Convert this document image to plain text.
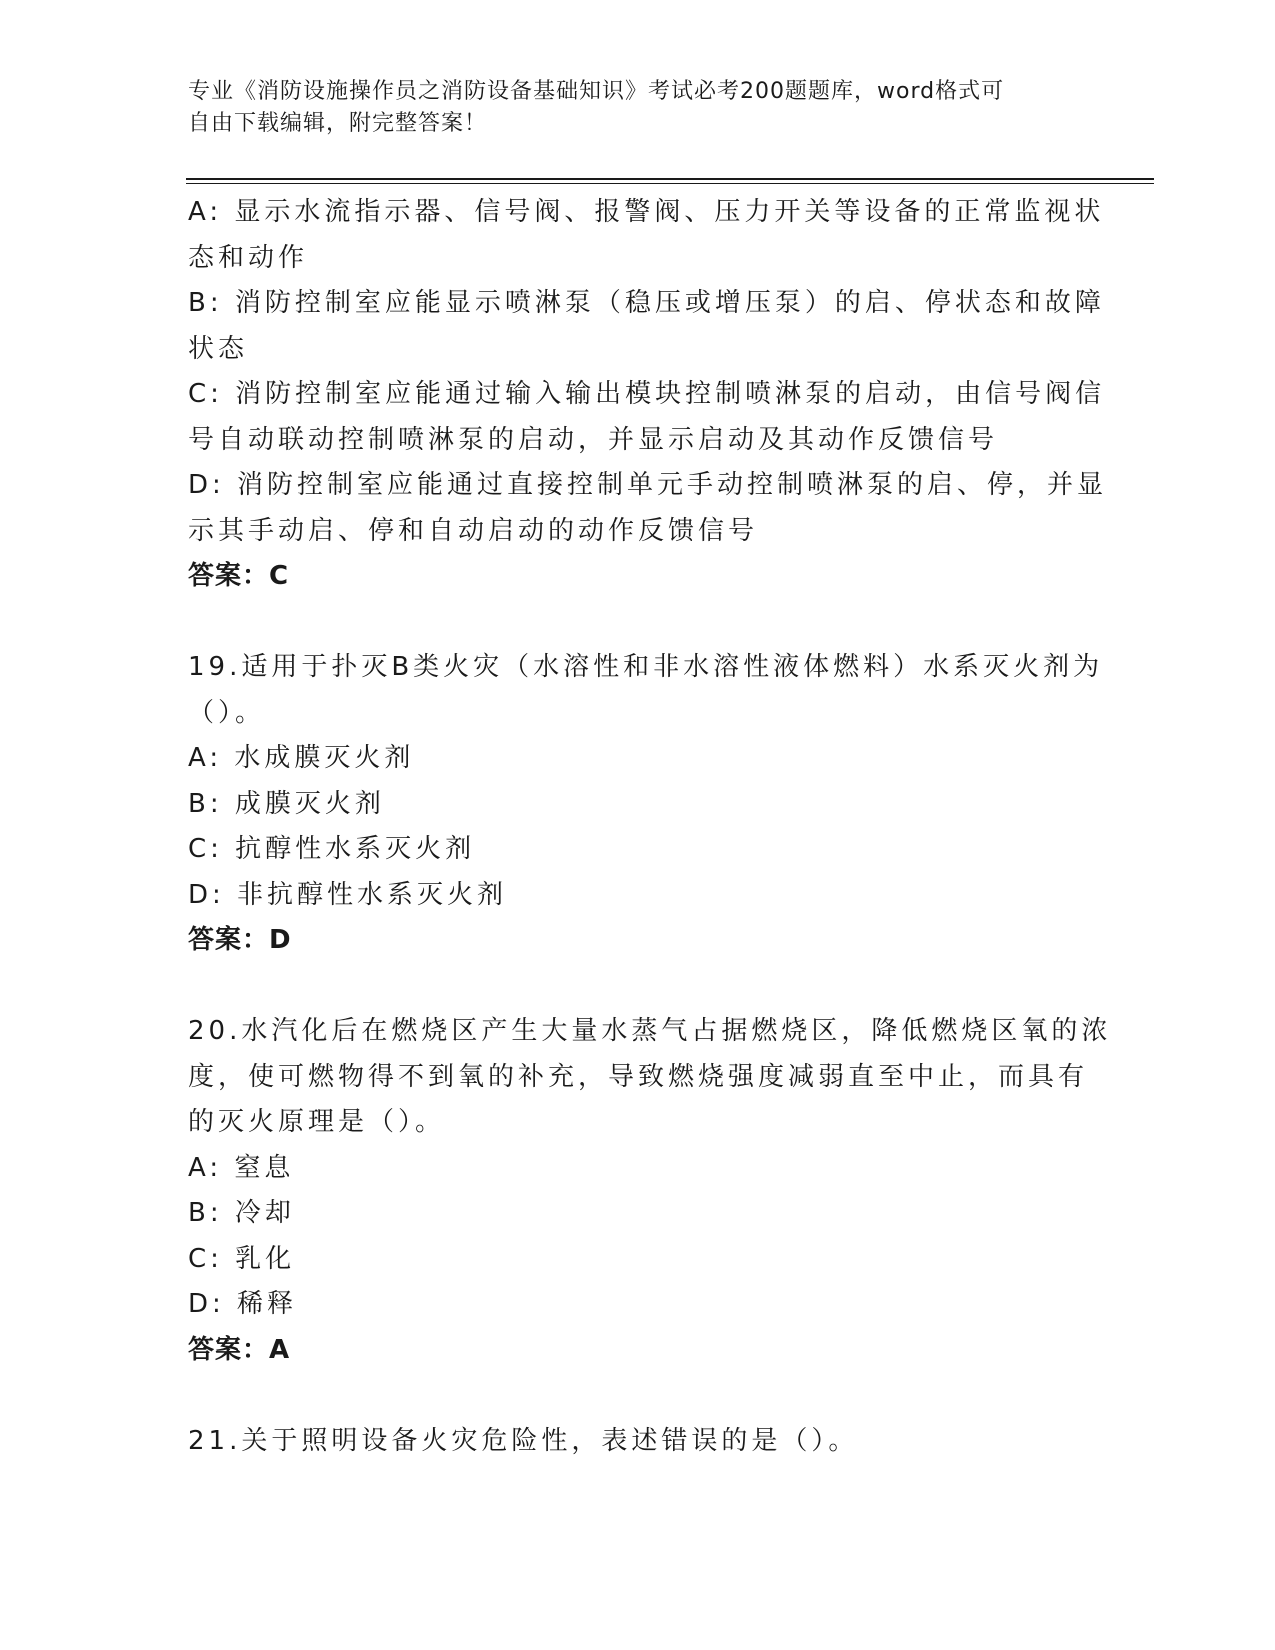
专业《消防设施操作员之消防设备基础知识》考试必考200题题库，word格式可
自由下载编辑，附完整答案！
A: 显示水流指示器、信号阀、报警阀、压力开关等设备的正常监视状
态和动作
B: 消防控制室应能显示喷淋泵（稳压或增压泵）的启、停状态和故障
状态
C: 消防控制室应能通过输入输出模块控制喷淋泵的启动，由信号阀信
号自动联动控制喷淋泵的启动，并显示启动及其动作反馈信号
D: 消防控制室应能通过直接控制单元手动控制喷淋泵的启、停，并显
示其手动启、停和自动启动的动作反馈信号
答案：C
19.适用于扑灭B类火灾（水溶性和非水溶性液体燃料）水系灭火剂为
（）。
A: 水成膜灭火剂
B: 成膜灭火剂
C: 抗醇性水系灭火剂
D: 非抗醇性水系灭火剂
答案：D
20.水汽化后在燃烧区产生大量水蒸气占据燃烧区，降低燃烧区氧的浓
度，使可燃物得不到氧的补充，导致燃烧强度减弱直至中止，而具有
的灭火原理是（）。
A: 窒息
B: 冷却
C: 乳化
D: 稀释
答案：A
21.关于照明设备火灾危险性，表述错误的是（）。
